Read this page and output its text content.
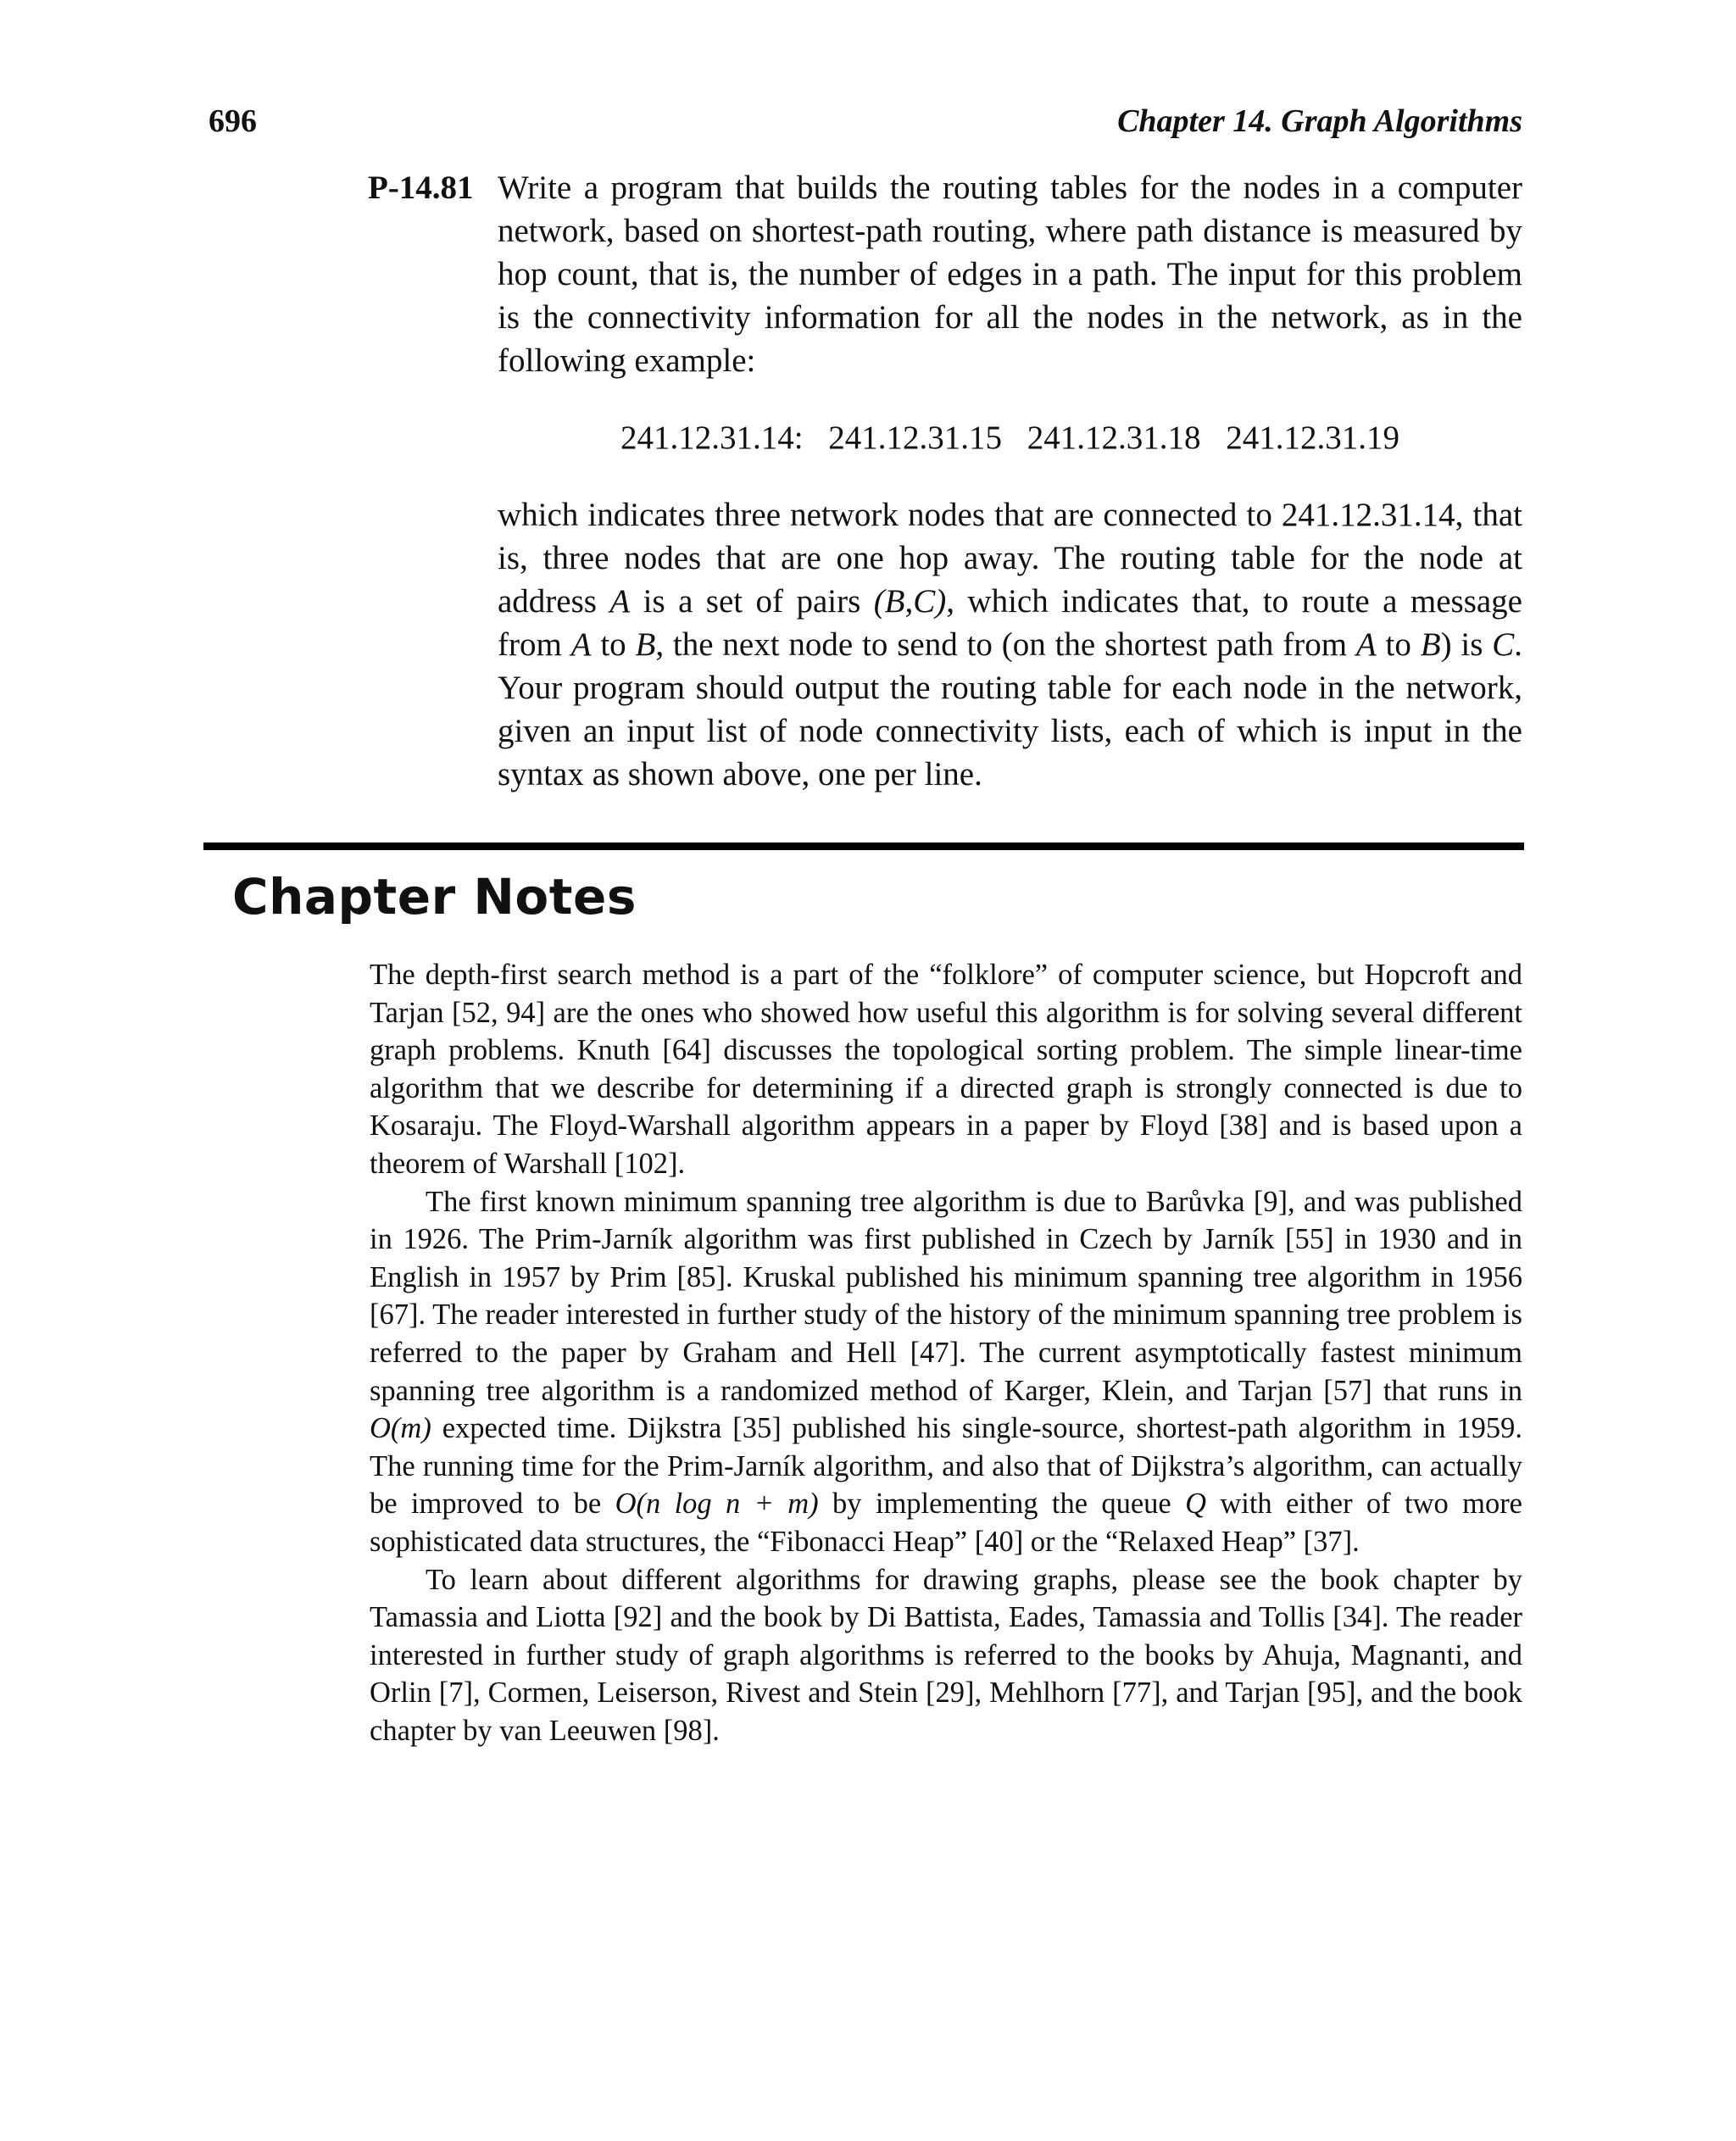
696	Chapter 14. Graph Algorithms
P-14.81 Write a program that builds the routing tables for the nodes in a computer network, based on shortest-path routing, where path distance is measured by hop count, that is, the number of edges in a path. The input for this problem is the connectivity information for all the nodes in the network, as in the following example:

241.12.31.14: 241.12.31.15 241.12.31.18 241.12.31.19

which indicates three network nodes that are connected to 241.12.31.14, that is, three nodes that are one hop away. The routing table for the node at address A is a set of pairs (B,C), which indicates that, to route a message from A to B, the next node to send to (on the shortest path from A to B) is C. Your program should output the routing table for each node in the network, given an input list of node connectivity lists, each of which is input in the syntax as shown above, one per line.

Chapter Notes

The depth-first search method is a part of the “folklore” of computer science, but Hopcroft and Tarjan [52, 94] are the ones who showed how useful this algorithm is for solving several different graph problems. Knuth [64] discusses the topological sorting problem. The simple linear-time algorithm that we describe for determining if a directed graph is strongly connected is due to Kosaraju. The Floyd-Warshall algorithm appears in a paper by Floyd [38] and is based upon a theorem of Warshall [102].

The first known minimum spanning tree algorithm is due to Barůvka [9], and was published in 1926. The Prim-Jarník algorithm was first published in Czech by Jarník [55] in 1930 and in English in 1957 by Prim [85]. Kruskal published his minimum spanning tree algorithm in 1956 [67]. The reader interested in further study of the history of the minimum spanning tree problem is referred to the paper by Graham and Hell [47]. The current asymptotically fastest minimum spanning tree algorithm is a randomized method of Karger, Klein, and Tarjan [57] that runs in O(m) expected time. Dijkstra [35] published his single-source, shortest-path algorithm in 1959. The running time for the Prim-Jarník algorithm, and also that of Dijkstra’s algorithm, can actually be improved to be O(n log n + m) by implementing the queue Q with either of two more sophisticated data structures, the “Fibonacci Heap” [40] or the “Relaxed Heap” [37].

To learn about different algorithms for drawing graphs, please see the book chapter by Tamassia and Liotta [92] and the book by Di Battista, Eades, Tamassia and Tollis [34]. The reader interested in further study of graph algorithms is referred to the books by Ahuja, Magnanti, and Orlin [7], Cormen, Leiserson, Rivest and Stein [29], Mehlhorn [77], and Tarjan [95], and the book chapter by van Leeuwen [98].
